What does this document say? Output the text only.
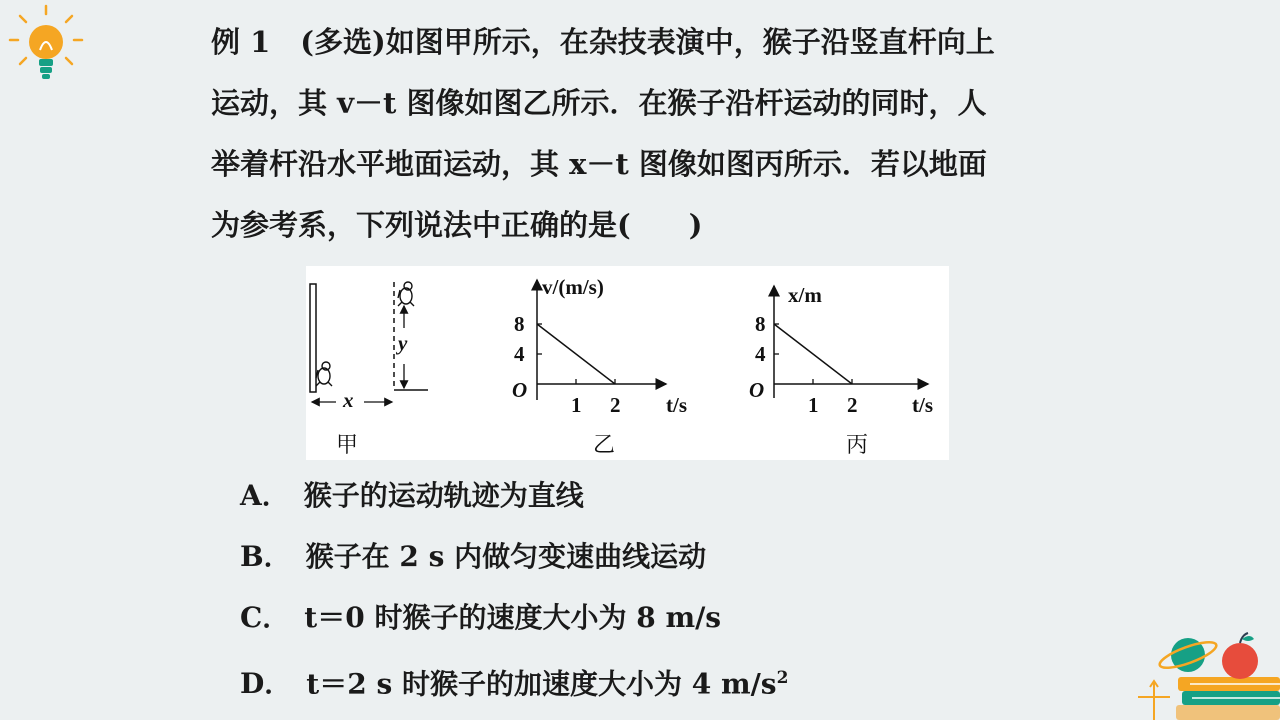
例 1 (多选)如图甲所示，在杂技表演中，猴子沿竖直杆向上
运动，其 v－t 图像如图乙所示．在猴子沿杆运动的同时，人
举着杆沿水平地面运动，其 x－t 图像如图丙所示．若以地面
为参考系，下列说法中正确的是(　　)
y
x
甲
v/(m/s)
t/s
O
乙
4
8
1 2
x/m
t/s
O
丙
4
8
1 2
A． 猴子的运动轨迹为直线
B． 猴子在 2 s 内做匀变速曲线运动
C． t＝0 时猴子的速度大小为 8 m/s
D． t＝2 s 时猴子的加速度大小为 4 $m/s^2$
